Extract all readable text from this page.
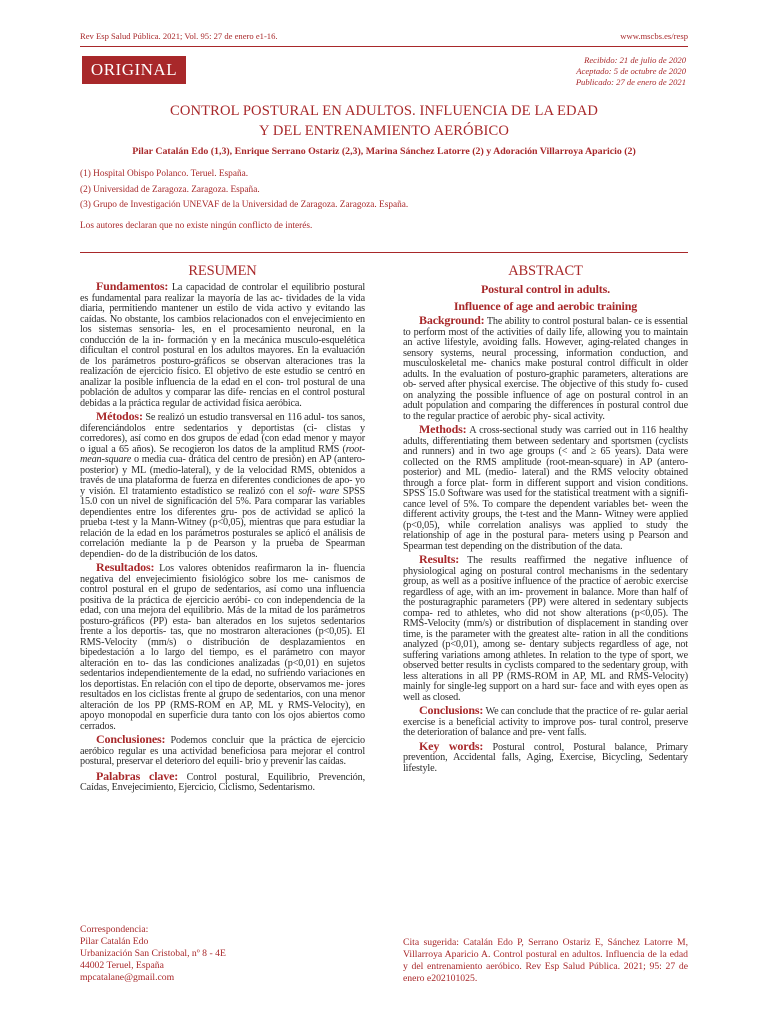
Rev Esp Salud Pública. 2021; Vol. 95: 27 de enero e1-16.	www.mscbs.es/resp
ORIGINAL	Recibido: 21 de julio de 2020
Aceptado: 5 de octubre de 2020
Publicado: 27 de enero de 2021
CONTROL POSTURAL EN ADULTOS. INFLUENCIA DE LA EDAD
Y DEL ENTRENAMIENTO AERÓBICO
Pilar Catalán Edo (1,3), Enrique Serrano Ostariz (2,3), Marina Sánchez Latorre (2) y Adoración Villarroya Aparicio (2)
(1) Hospital Obispo Polanco. Teruel. España.
(2) Universidad de Zaragoza. Zaragoza. España.
(3) Grupo de Investigación UNEVAF de la Universidad de Zaragoza. Zaragoza. España.
Los autores declaran que no existe ningún conflicto de interés.
RESUMEN

Fundamentos: La capacidad de controlar el equilibrio postural es fundamental para realizar la mayoría de las ac- tividades de la vida diaria, permitiendo mantener un estilo de vida activo y evitando las caídas. No obstante, los cambios relacionados con el envejecimiento en los sistemas sensoria- les, en el procesamiento neuronal, en la conducción de la in- formación y en la mecánica musculo-esquelética dificultan el control postural en los adultos mayores. En la evaluación de los parámetros posturo-gráficos se observan alteraciones tras la realización de ejercicio físico. El objetivo de este estudio se centró en analizar la posible influencia de la edad en el con- trol postural de una población de adultos y comparar las dife- rencias en el control postural debidas a la práctica regular de actividad física aeróbica.

Métodos: Se realizó un estudio transversal en 116 adul- tos sanos, diferenciándolos entre sedentarios y deportistas (ci- clistas y corredores), así como en dos grupos de edad (con edad menor y mayor o igual a 65 años). Se recogieron los datos de la amplitud RMS (root-mean-square o media cua- drática del centro de presión) en AP (antero-posterior) y ML (medio-lateral), y de la velocidad RMS, obtenidos a través de una plataforma de fuerza en diferentes condiciones de apo- yo y visión. El tratamiento estadístico se realizó con el soft- ware SPSS 15.0 con un nivel de significación del 5%. Para comparar las variables dependientes entre los diferentes gru- pos de actividad se aplicó la prueba t-test y la Mann-Witney (p<0,05), mientras que para estudiar la relación de la edad en los parámetros posturales se aplicó el análisis de correlación mediante la p de Pearson y la prueba de Spearman dependien- do de la distribución de los datos.

Resultados: Los valores obtenidos reafirmaron la in- fluencia negativa del envejecimiento fisiológico sobre los me- canismos de control postural en el grupo de sedentarios, así como una influencia positiva de la práctica de ejercicio aeróbi- co con independencia de la edad, con una mejora del equilibrio. Más de la mitad de los parámetros posturo-gráficos (PP) esta- ban alterados en los sujetos sedentarios frente a los deportis- tas, que no mostraron alteraciones (p<0,05). El RMS-Velocity (mm/s) o distribución de desplazamientos en bipedestación a lo largo del tiempo, es el parámetro con mayor alteración en to- das las condiciones analizadas (p<0,01) en sujetos sedentarios independientemente de la edad, no sufriendo variaciones en los deportistas. En relación con el tipo de deporte, observamos me- jores resultados en los ciclistas frente al grupo de sedentarios, con una menor alteración de los PP (RMS-ROM en AP, ML y RMS-Velocity), en apoyo monopodal en superficie dura tanto con los ojos abiertos como cerrados.

Conclusiones: Podemos concluir que la práctica de ejercicio aeróbico regular es una actividad beneficiosa para mejorar el control postural, preservar el deterioro del equili- brio y prevenir las caídas.

Palabras clave: Control postural, Equilibrio, Prevención, Caídas, Envejecimiento, Ejercicio, Ciclismo, Sedentarismo.

ABSTRACT
Postural control in adults.
Influence of age and aerobic training

Background: The ability to control postural balan- ce is essential to perform most of the activities of daily life, allowing you to maintain an active lifestyle, avoiding falls. However, aging-related changes in sensory systems, neural processing, information conduction, and musculoskeletal me- chanics make postural control difficult in older adults. In the evaluation of posturo-graphic parameters, alterations are ob- served after physical exercise. The objective of this study fo- cused on analyzing the possible influence of age on postural control in an adult population and comparing the differences in postural control due to the regular practice of aerobic phy- sical activity.

Methods: A cross-sectional study was carried out in 116 healthy adults, differentiating them between sedentary and sportsmen (cyclists and runners) and in two age groups (< and ≥ 65 years). Data were collected on the RMS amplitude (root-mean-square) in AP (antero-posterior) and ML (medio- lateral) and the RMS velocity obtained through a force plat- form in different support and vision conditions. SPSS 15.0 Software was used for the statistical treatment with a signifi- cance level of 5%. To compare the dependent variables bet- ween the different activity groups, the t-test and the Mann- Witney were applied (p<0,05), while correlation analisys was applied to study the relationship of age in the postural para- meters using p Pearson and Spearman test depending on the distribution of the data.

Results: The results reaffirmed the negative influence of physiological aging on postural control mechanisms in the sedentary group, as well as a positive influence of the practice of aerobic exercise regardless of age, with an im- provement in balance. More than half of the posturagraphic parameters (PP) were altered in sedentary subjects compa- red to athletes, who did not show alterations (p<0,05). The RMS-Velocity (mm/s) or distribution of displacement in standing over time, is the parameter with the greatest alte- ration in all the conditions analyzed (p<0,01), among se- dentary subjects regardless of age, not suffering variations among athletes. In relation to the type of sport, we observed better results in cyclists compared to the sedentary group, with less alterations in all PP (RMS-ROM in AP, ML and RMS-Velocity) mainly for single-leg support on a hard sur- face and with eyes open as well as closed.

Conclusions: We can conclude that the practice of re- gular aerial exercise is a beneficial activity to improve pos- tural control, preserve the deterioration of balance and pre- vent falls.

Key words: Postural control, Postural balance, Primary prevention, Accidental falls, Aging, Exercise, Bicycling, Sedentary lifestyle.

Correspondencia:
Pilar Catalán Edo
Urbanización San Cristobal, nº 8 - 4E
44002 Teruel, España
mpcatalane@gmail.com
Cita sugerida: Catalán Edo P, Serrano Ostariz E, Sánchez Latorre M, Villarroya Aparicio A. Control postural en adultos. Influencia de la edad y del entrenamiento aeróbico. Rev Esp Salud Pública. 2021; 95: 27 de enero e202101025.
